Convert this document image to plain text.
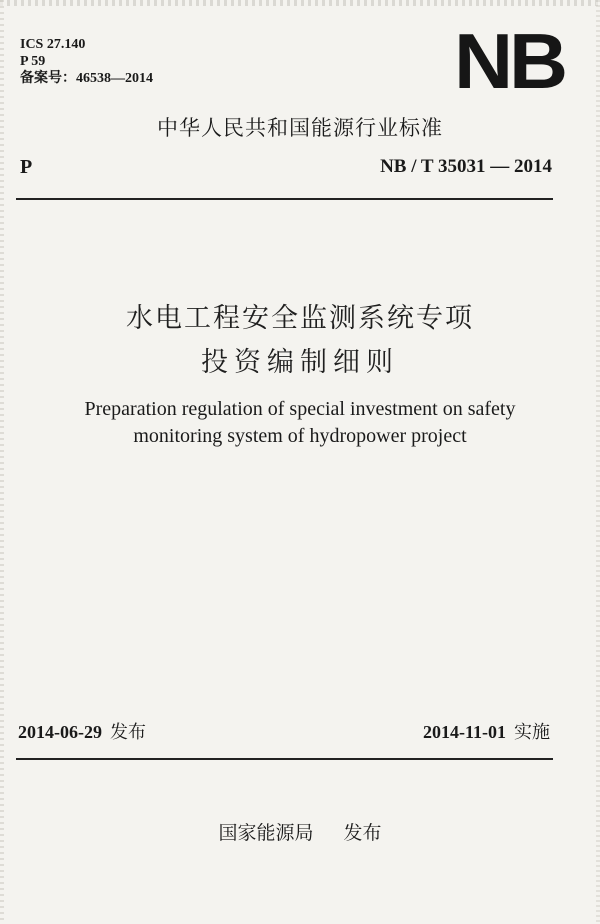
ICS 27.140
P 59
备案号：46538—2014	NB
中华人民共和国能源行业标准
P	NB / T 35031 — 2014
水电工程安全监测系统专项
投资编制细则
Preparation regulation of special investment on safety
monitoring system of hydropower project
2014-06-29 发布	2014-11-01 实施
国家能源局 发布
